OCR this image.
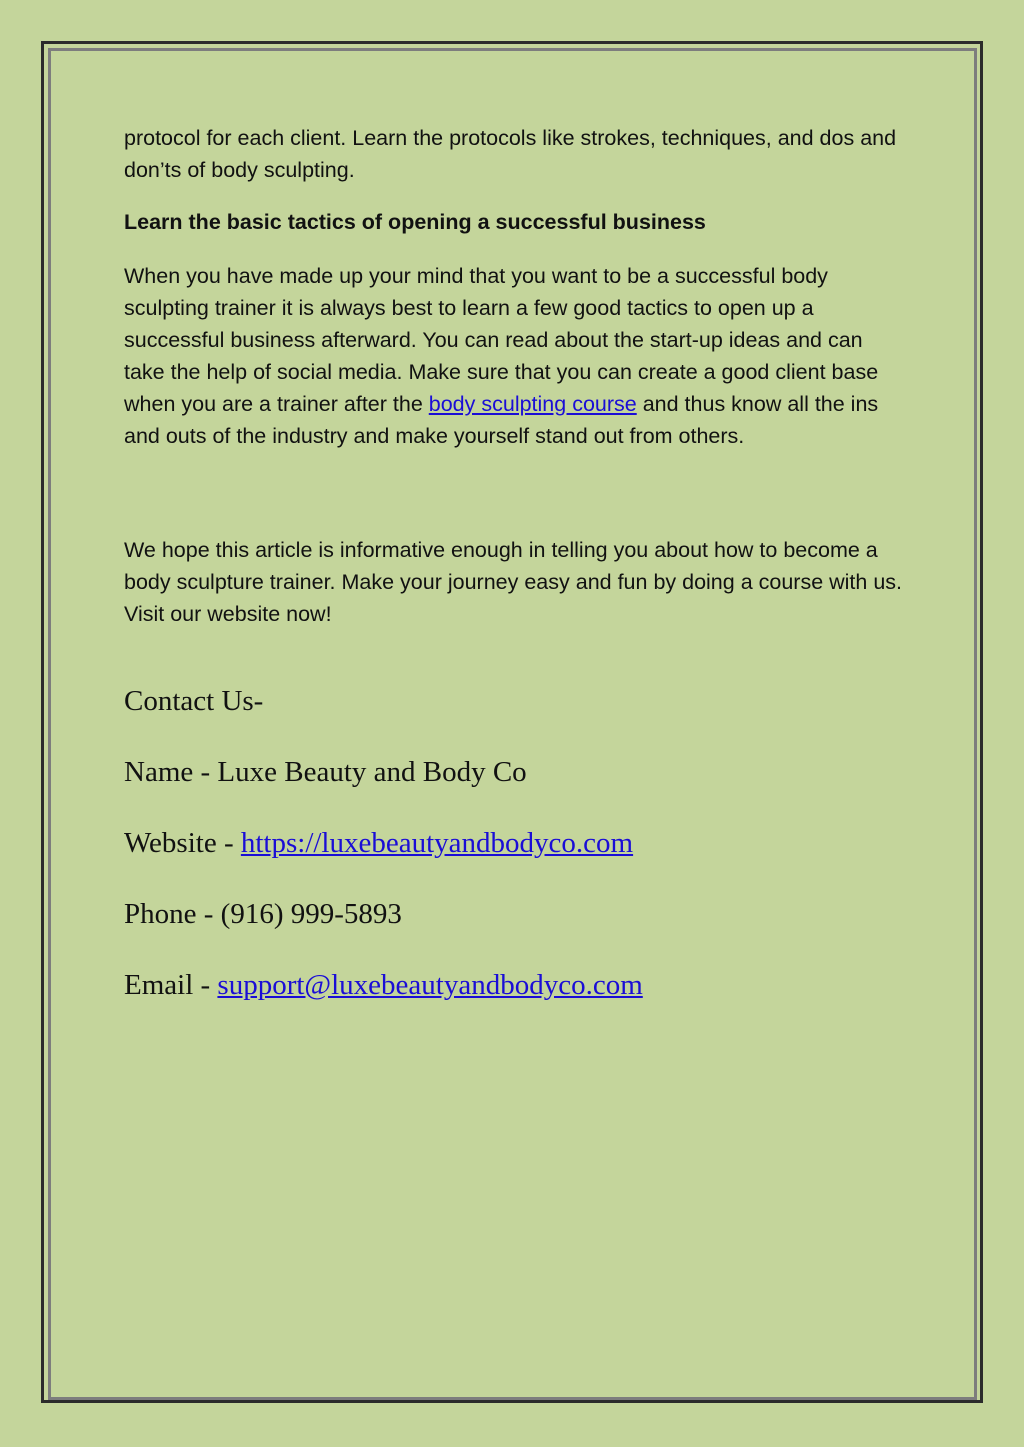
protocol for each client. Learn the protocols like strokes, techniques, and dos and don’ts of body sculpting.

Learn the basic tactics of opening a successful business

When you have made up your mind that you want to be a successful body sculpting trainer it is always best to learn a few good tactics to open up a successful business afterward. You can read about the start-up ideas and can take the help of social media. Make sure that you can create a good client base when you are a trainer after the body sculpting course and thus know all the ins and outs of the industry and make yourself stand out from others.

We hope this article is informative enough in telling you about how to become a body sculpture trainer. Make your journey easy and fun by doing a course with us. Visit our website now!

Contact Us-

Name - Luxe Beauty and Body Co

Website - https://luxebeautyandbodyco.com

Phone - (916) 999-5893

Email - support@luxebeautyandbodyco.com
